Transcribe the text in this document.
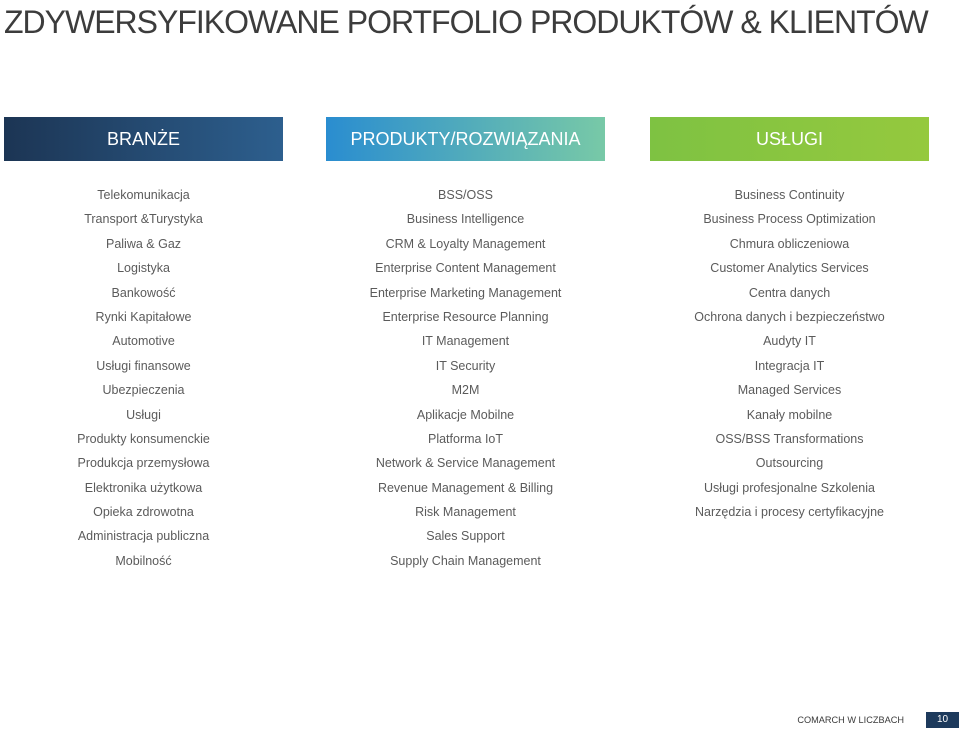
ZDYWERSYFIKOWANE PORTFOLIO PRODUKTÓW & KLIENTÓW
BRANŻE
Telekomunikacja
Transport &Turystyka
Paliwa & Gaz
Logistyka
Bankowość
Rynki Kapitałowe
Automotive
Usługi finansowe
Ubezpieczenia
Usługi
Produkty konsumenckie
Produkcja przemysłowa
Elektronika użytkowa
Opieka zdrowotna
Administracja publiczna
Mobilność
PRODUKTY/ROZWIĄZANIA
BSS/OSS
Business Intelligence
CRM & Loyalty Management
Enterprise Content Management
Enterprise Marketing Management
Enterprise Resource Planning
IT Management
IT Security
M2M
Aplikacje Mobilne
Platforma IoT
Network & Service Management
Revenue Management & Billing
Risk Management
Sales Support
Supply Chain Management
USŁUGI
Business Continuity
Business Process Optimization
Chmura obliczeniowa
Customer Analytics Services
Centra danych
Ochrona danych i bezpieczeństwo
Audyty IT
Integracja IT
Managed Services
Kanały mobilne
OSS/BSS Transformations
Outsourcing
Usługi profesjonalne Szkolenia
Narzędzia i procesy certyfikacyjne
COMARCH W LICZBACH	10
